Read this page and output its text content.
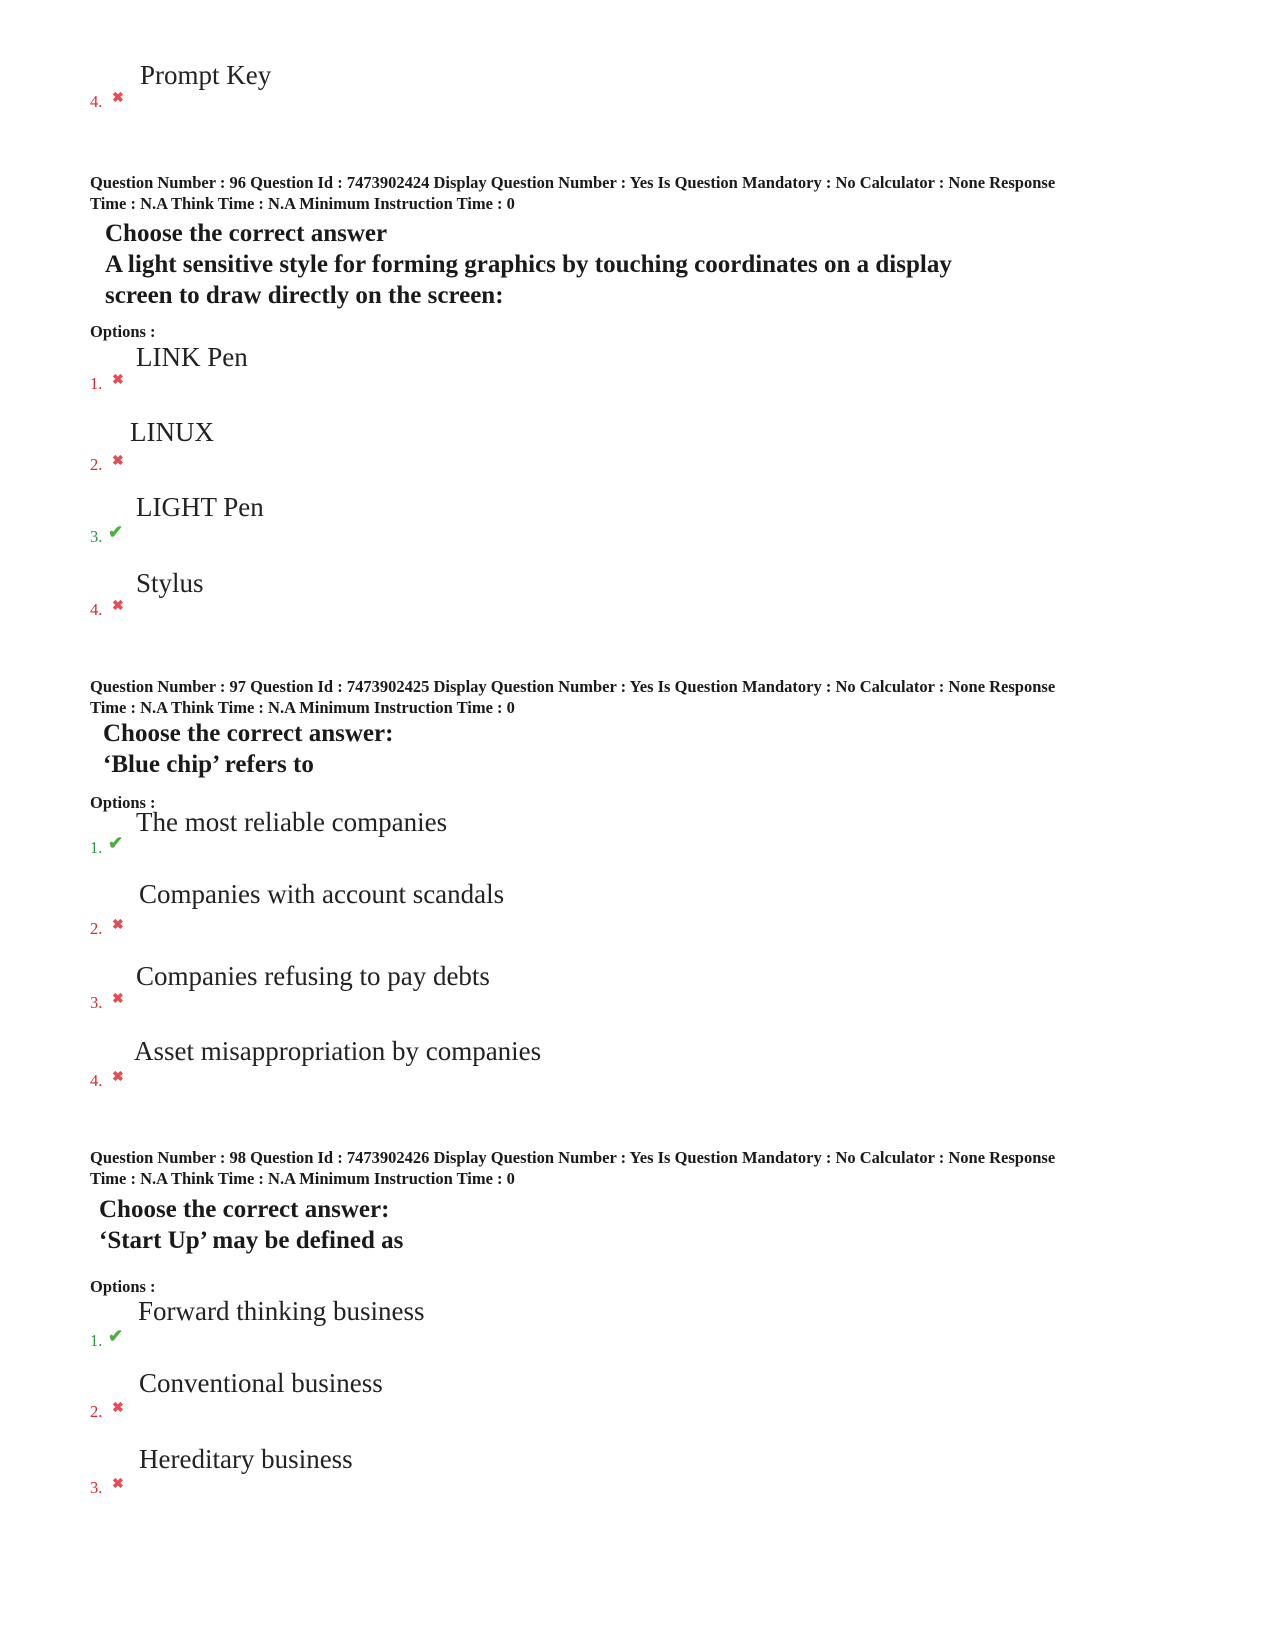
Prompt Key
4. ✖
Question Number : 96 Question Id : 7473902424 Display Question Number : Yes Is Question Mandatory : No Calculator : None Response
Time : N.A Think Time : N.A Minimum Instruction Time : 0
Choose the correct answer
A light sensitive style for forming graphics by touching coordinates on a display
screen to draw directly on the screen:
Options :
LINK Pen
1. ✖
LINUX
2. ✖
LIGHT Pen
3. ✔
Stylus
4. ✖
Question Number : 97 Question Id : 7473902425 Display Question Number : Yes Is Question Mandatory : No Calculator : None Response
Time : N.A Think Time : N.A Minimum Instruction Time : 0
Choose the correct answer:
‘Blue chip’ refers to
Options :
The most reliable companies
1. ✔
Companies with account scandals
2. ✖
Companies refusing to pay debts
3. ✖
Asset misappropriation by companies
4. ✖
Question Number : 98 Question Id : 7473902426 Display Question Number : Yes Is Question Mandatory : No Calculator : None Response
Time : N.A Think Time : N.A Minimum Instruction Time : 0
Choose the correct answer:
‘Start Up’ may be defined as
Options :
Forward thinking business
1. ✔
Conventional business
2. ✖
Hereditary business
3. ✖
